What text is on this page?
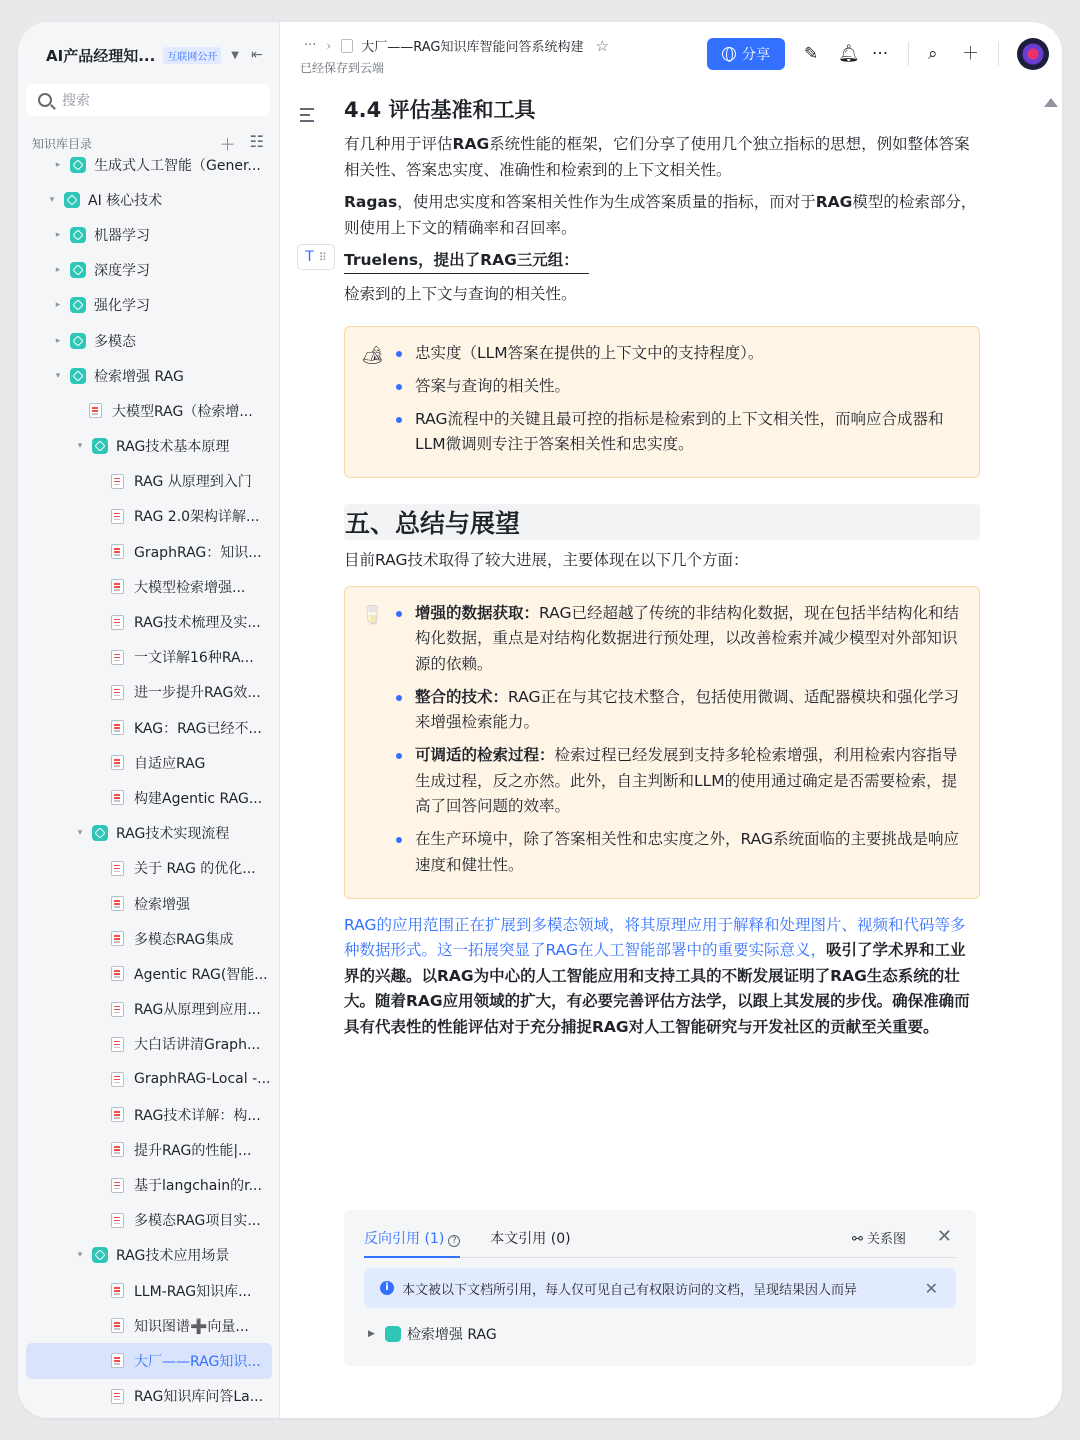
AI产品经理知...	互联网公开	▼ ⇤
搜索
知识库目录	＋ ☷
▸ 生成式人工智能（Gener...
▾ AI 核心技术
▸ 机器学习
▸ 深度学习
▸ 强化学习
▸ 多模态
▾ 检索增强 RAG
大模型RAG（检索增...
▾ RAG技术基本原理
RAG 从原理到入门
RAG 2.0架构详解...
GraphRAG：知识...
大模型检索增强...
RAG技术梳理及实...
一文详解16种RA...
进一步提升RAG效...
KAG：RAG已经不...
自适应RAG
构建Agentic RAG...
▾ RAG技术实现流程
关于 RAG 的优化...
检索增强
多模态RAG集成
Agentic RAG(智能...
RAG从原理到应用...
大白话讲清Graph...
GraphRAG-Local -...
RAG技术详解：构...
提升RAG的性能|...
基于langchain的r...
多模态RAG项目实...
▾ RAG技术应用场景
LLM-RAG知识库...
知识图谱➕向量...
大厂——RAG知识...
RAG知识库问答La...
··· › 大厂——RAG知识库智能问答系统构建 ☆
已经保存到云端
分享 ✎ 🔔︎ ··· ⌕ ＋
4.4 评估基准和工具

有几种用于评估RAG系统性能的框架，它们分享了使用几个独立指标的思想，例如整体答案相关性、答案忠实度、准确性和检索到的上下文相关性。

Ragas，使用忠实度和答案相关性作为生成答案质量的指标，而对于RAG模型的检索部分，则使用上下文的精确率和召回率。

T ⠿ Truelens，提出了RAG三元组：

检索到的上下文与查询的相关性。

🏕 忠实度（LLM答案在提供的上下文中的支持程度）。
答案与查询的相关性。
RAG流程中的关键且最可控的指标是检索到的上下文相关性，而响应合成器和LLM微调则专注于答案相关性和忠实度。
五、总结与展望

目前RAG技术取得了较大进展，主要体现在以下几个方面：

🥛 增强的数据获取：RAG已经超越了传统的非结构化数据，现在包括半结构化和结构化数据，重点是对结构化数据进行预处理，以改善检索并减少模型对外部知识源的依赖。
整合的技术：RAG正在与其它技术整合，包括使用微调、适配器模块和强化学习来增强检索能力。
可调适的检索过程：检索过程已经发展到支持多轮检索增强，利用检索内容指导生成过程，反之亦然。此外，自主判断和LLM的使用通过确定是否需要检索，提高了回答问题的效率。
在生产环境中，除了答案相关性和忠实度之外，RAG系统面临的主要挑战是响应速度和健壮性。

RAG的应用范围正在扩展到多模态领域，将其原理应用于解释和处理图片、视频和代码等多种数据形式。这一拓展突显了RAG在人工智能部署中的重要实际意义，吸引了学术界和工业界的兴趣。以RAG为中心的人工智能应用和支持工具的不断发展证明了RAG生态系统的壮大。随着RAG应用领域的扩大，有必要完善评估方法学，以跟上其发展的步伐。确保准确而具有代表性的性能评估对于充分捕捉RAG对人工智能研究与开发社区的贡献至关重要。

反向引用 (1) ? 本文引用 (0)	⚯ 关系图 ✕
i	本文被以下文档所引用，每人仅可见自己有权限访问的文档，呈现结果因人而异	✕
▶ 检索增强 RAG
